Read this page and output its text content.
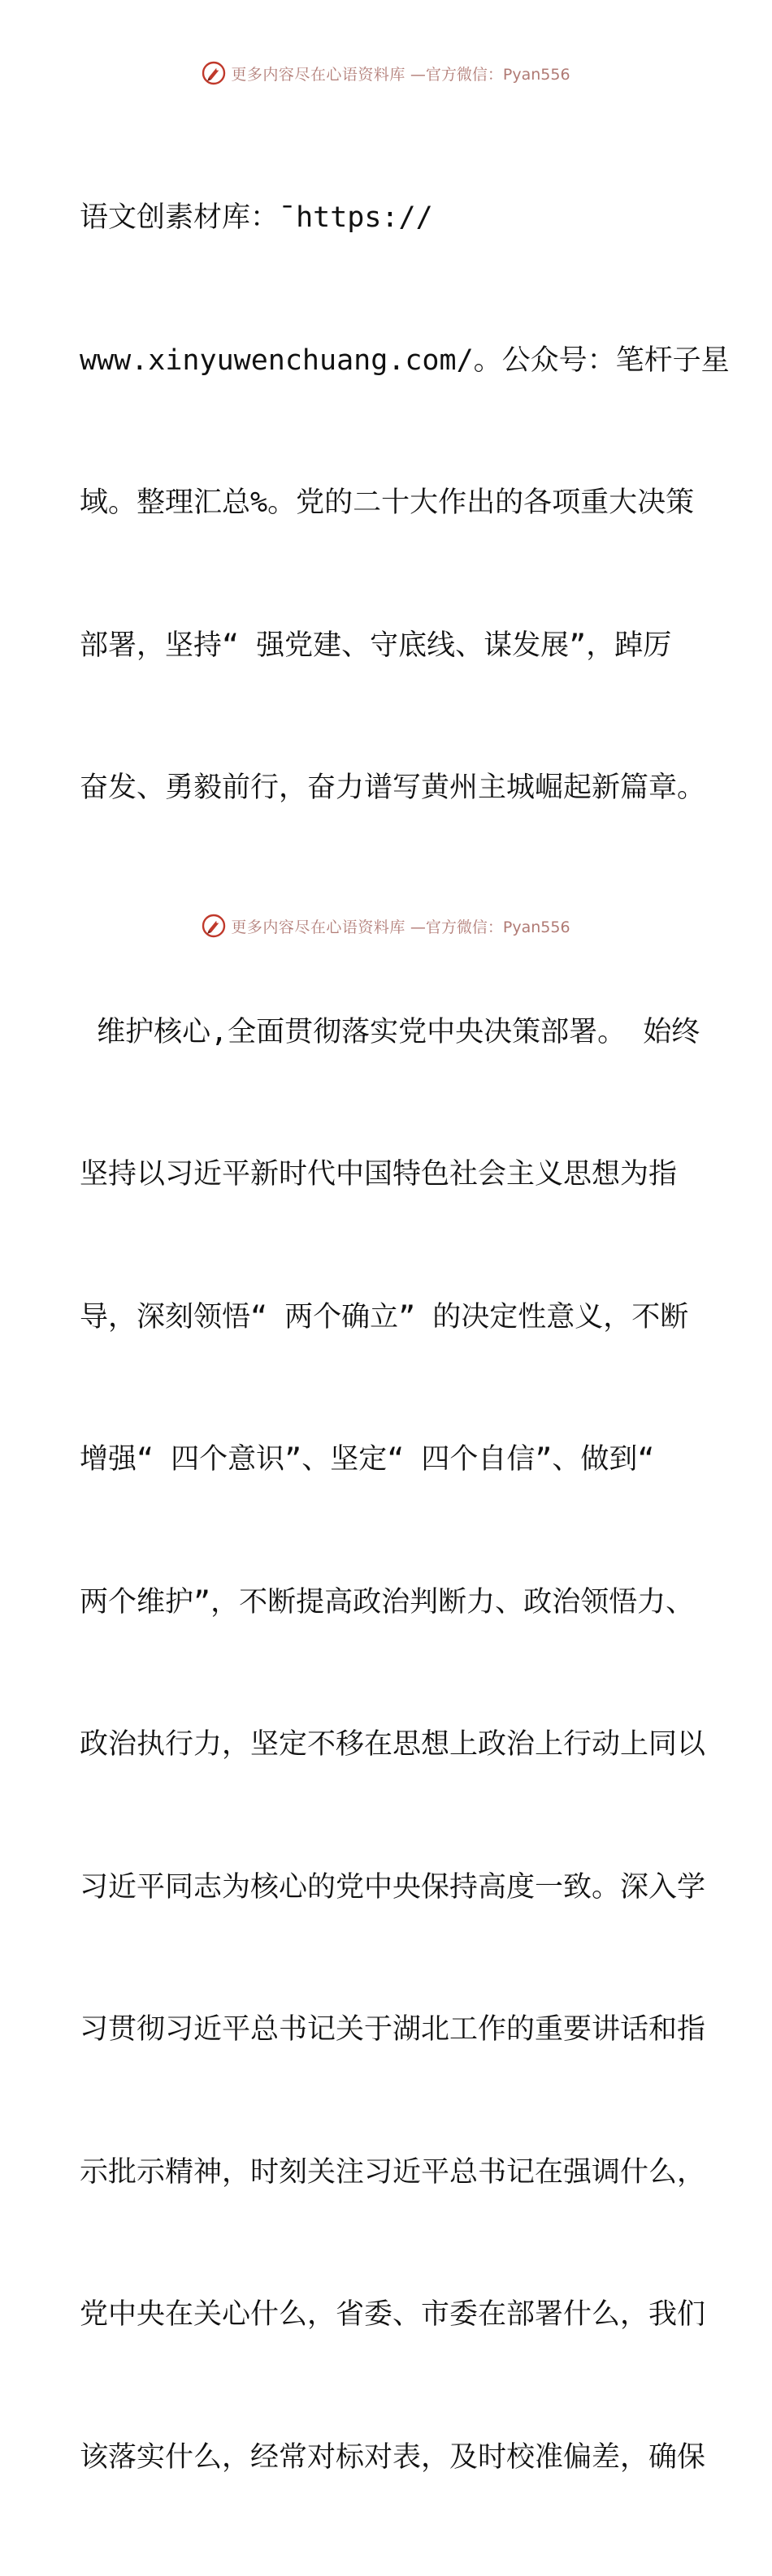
更多内容尽在心语资料库 —官方微信：Pyan556

语文创素材库：¯https://

www.xinyuwenchuang.com/。公众号：笔杆子星

域。整理汇总%。党的二十大作出的各项重大决策

部署，坚持“ 强党建、守底线、谋发展”，踔厉

奋发、勇毅前行，奋力谱写黄州主城崛起新篇章。

维护核心,全面贯彻落实党中央决策部署。 始终

坚持以习近平新时代中国特色社会主义思想为指

导，深刻领悟“ 两个确立” 的决定性意义，不断

增强“ 四个意识”、坚定“ 四个自信”、做到“

两个维护”，不断提高政治判断力、政治领悟力、

政治执行力，坚定不移在思想上政治上行动上同以

习近平同志为核心的党中央保持高度一致。深入学

习贯彻习近平总书记关于湖北工作的重要讲话和指

示批示精神，时刻关注习近平总书记在强调什么，

党中央在关心什么，省委、市委在部署什么，我们

该落实什么，经常对标对表，及时校准偏差，确保

更多内容尽在心语资料库 —官方微信：Pyan556
